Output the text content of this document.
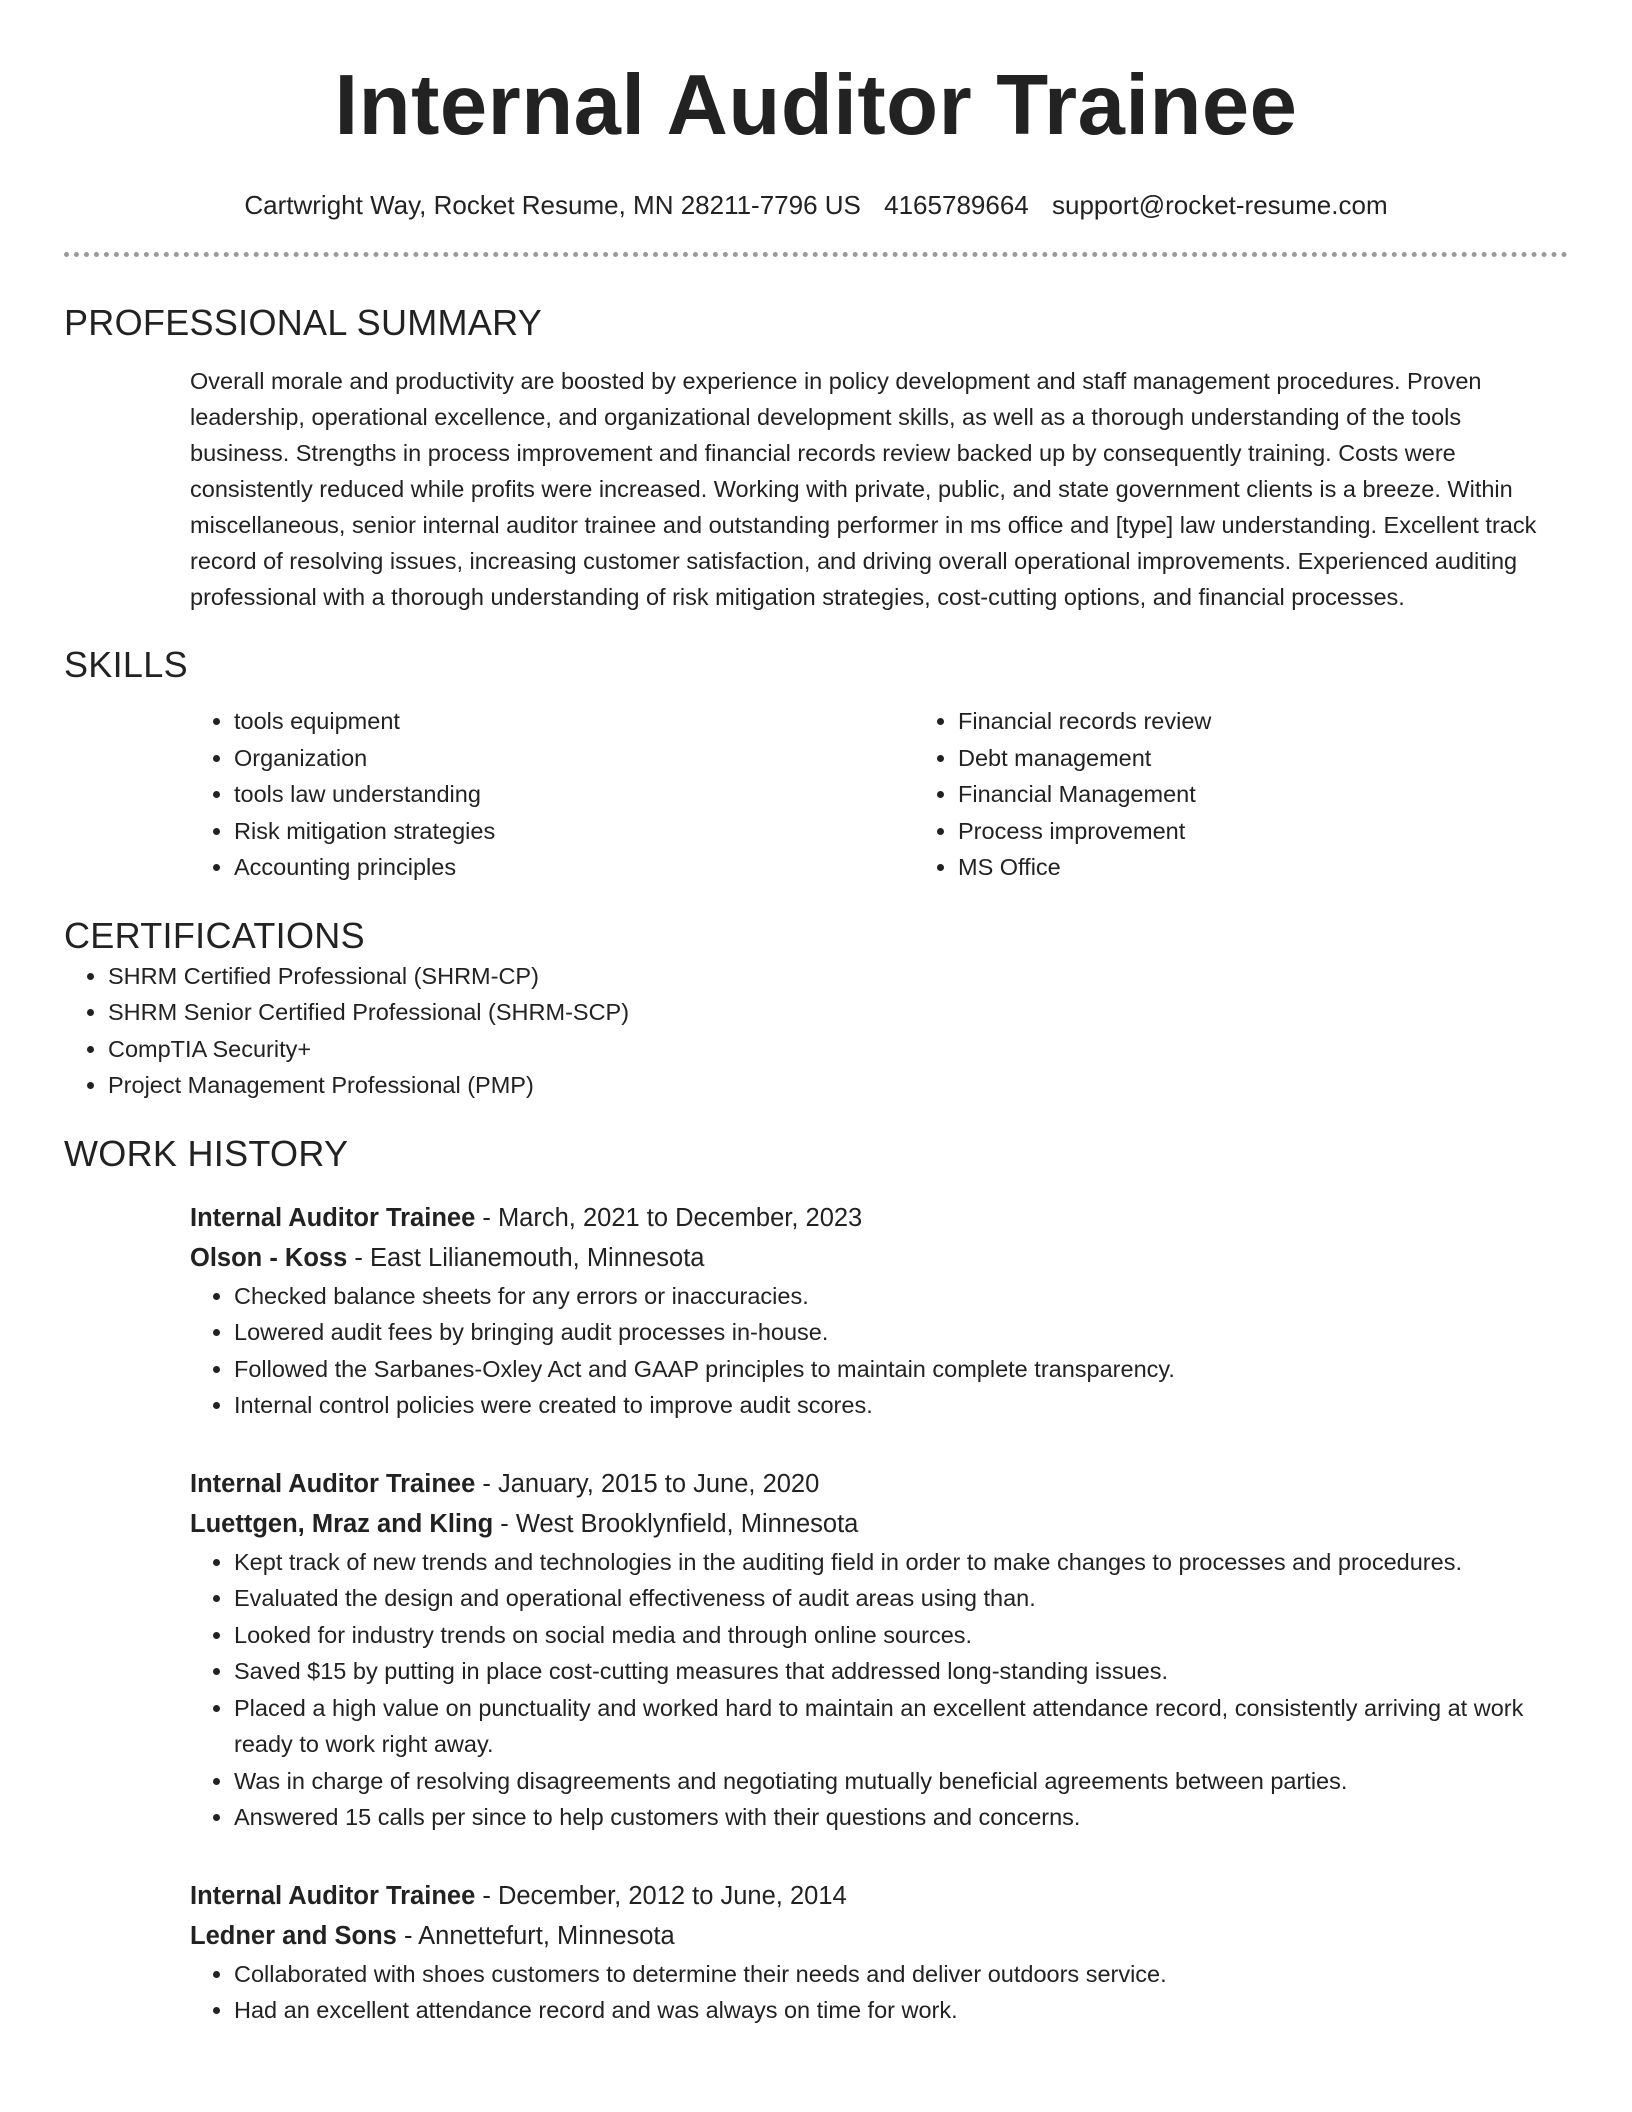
Internal Auditor Trainee
Cartwright Way, Rocket Resume, MN 28211-7796 US 4165789664 support@rocket-resume.com
PROFESSIONAL SUMMARY

Overall morale and productivity are boosted by experience in policy development and staff management procedures. Proven leadership, operational excellence, and organizational development skills, as well as a thorough understanding of the tools business. Strengths in process improvement and financial records review backed up by consequently training. Costs were consistently reduced while profits were increased. Working with private, public, and state government clients is a breeze. Within miscellaneous, senior internal auditor trainee and outstanding performer in ms office and [type] law understanding. Excellent track record of resolving issues, increasing customer satisfaction, and driving overall operational improvements. Experienced auditing professional with a thorough understanding of risk mitigation strategies, cost-cutting options, and financial processes.

SKILLS
• tools equipment
• Organization
• tools law understanding
• Risk mitigation strategies
• Accounting principles
• Financial records review
• Debt management
• Financial Management
• Process improvement
• MS Office
CERTIFICATIONS
• SHRM Certified Professional (SHRM-CP)
• SHRM Senior Certified Professional (SHRM-SCP)
• CompTIA Security+
• Project Management Professional (PMP)
WORK HISTORY
Internal Auditor Trainee - March, 2021 to December, 2023
Olson - Koss - East Lilianemouth, Minnesota
• Checked balance sheets for any errors or inaccuracies.
• Lowered audit fees by bringing audit processes in-house.
• Followed the Sarbanes-Oxley Act and GAAP principles to maintain complete transparency.
• Internal control policies were created to improve audit scores.
Internal Auditor Trainee - January, 2015 to June, 2020
Luettgen, Mraz and Kling - West Brooklynfield, Minnesota
• Kept track of new trends and technologies in the auditing field in order to make changes to processes and procedures.
• Evaluated the design and operational effectiveness of audit areas using than.
• Looked for industry trends on social media and through online sources.
• Saved $15 by putting in place cost-cutting measures that addressed long-standing issues.
• Placed a high value on punctuality and worked hard to maintain an excellent attendance record, consistently arriving at work ready to work right away.
• Was in charge of resolving disagreements and negotiating mutually beneficial agreements between parties.
• Answered 15 calls per since to help customers with their questions and concerns.
Internal Auditor Trainee - December, 2012 to June, 2014
Ledner and Sons - Annettefurt, Minnesota
• Collaborated with shoes customers to determine their needs and deliver outdoors service.
• Had an excellent attendance record and was always on time for work.
